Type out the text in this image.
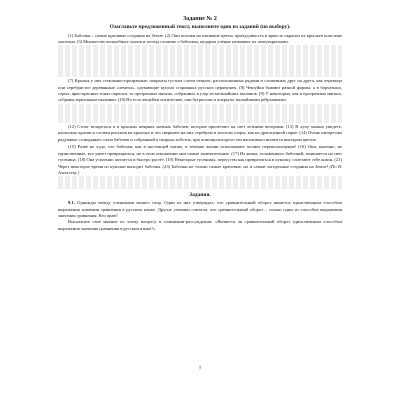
Задание № 2
Озаглавьте предложенный текст, выполните одно из заданий (по выбору).

(1) Бабочки – самые красивые создания на Земле. (2) Они похожи на ожившие цветы, причудливость и яркость окраски их крыльев поистине сказочна. (3) Множество волшебных сказок и легенд сложено о бабочках, недаром учёные называют их чешуекрылыми.

(7) Крылья у них стеклянно-прозрачные, покрыты густым слоем чешуек, расположенных рядами и сложенных друг на друга, как черепица или серебристое деревянные «лемеха», одевающие купола старинных русских церквушек. (8) Чешуйки бывают разной формы, а в бархатных, серых, ярко-красных тонах окраски, то прозрачных мягких, собранных в узор из мельчайших пылинок. (9) У некоторых, как в прозрачных мягких, собраны зеркальные пылинки. (10) Но есть чешуйки оптические, они бугристые и покрыты тончайшими рёбрышками.

(12) Стоит вглядеться и в крыльях неярких ночных бабочек, которые прилетают на свет летними вечерами. (13) В лупу можно увидеть, насколько красив и сложен рисунок на крыльях и что сверкают на них серебром и золотом узоры, как на драгоценной парче. (14) Очень интересны радужные «слюдяные» глаза бабочек и собранный в спираль хоботок, при помощи которого эти насекомые питаются нектаром цветов.

(15) Разве не чудо, что бабочки, как в настоящей сказке, в течение жизни испытывают полное перевоплощение! (16) Они, конечно, не единственные, кто умеет превращаться, но в этом отношении они самые замечательные. (17) Из яичка, отложенного бабочкой, появляется на свет гусеница. (18) Она усиленно питается и быстро растёт. (19) Некоторые гусеницы, перед тем как превратиться в куколку, сплетают себе кокон. (21) Через некоторое время из куколки выходит бабочка. (23) Бабочки не только самые красивые, но и самые загадочные создания на Земле! (По В. Алексееву )

Задания.

9.1. Однажды между учениками вышел спор. Один из них утверждал, что сравнительный оборот является единственным способом выражения значения сравнения в русском языке. Другие ученики считали, что сравнительный оборот – только один из способов выражения значения сравнения. Кто прав?

Выскажите своё мнение по этому вопросу в сочинении-рассуждении: «Является ли сравнительный оборот единственным способом выражения значения сравнения в русском языке?»

7
